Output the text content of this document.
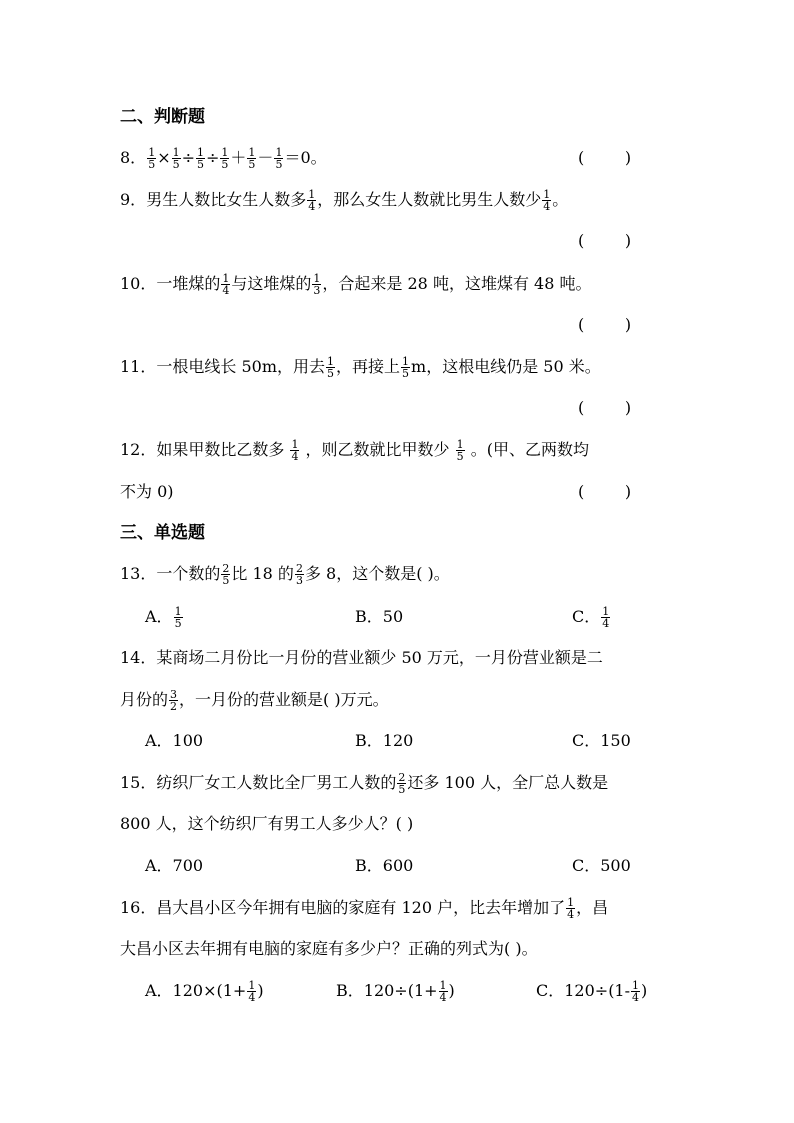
二、判断题
8． $\frac{1}{5} \times \frac{1}{5} \div \frac{1}{5} \div \frac{1}{5} + \frac{1}{5} - \frac{1}{5} =0$。	(        )
9．男生人数比女生人数多 $\frac{1}{4}$ ，那么女生人数就比男生人数少 $\frac{1}{4}$ 。
(        )
10．一堆煤的 $\frac{1}{4}$ 与这堆煤的 $\frac{1}{3}$ ，合起来是 28 吨，这堆煤有 48 吨。
(        )
11．一根电线长 50m，用去 $\frac{1}{5}$ ，再接上 $\frac{1}{5}$ m，这根电线仍是 50 米。
(        )
12．如果甲数比乙数多 $\frac{1}{4}$ ，则乙数就比甲数少 $\frac{1}{5}$ 。(甲、乙两数均
不为 0)	(        )
三、单选题
13．一个数的 $\frac{2}{5}$ 比 18 的 $\frac{2}{3}$ 多 8，这个数是( )。
A． $\frac{1}{5}$	B．50	C． $\frac{1}{4}$
14．某商场二月份比一月份的营业额少 50 万元，一月份营业额是二
月份的 $\frac{3}{2}$ ，一月份的营业额是( )万元。
A．100	B．120	C．150
15．纺织厂女工人数比全厂男工人数的 $\frac{2}{5}$ 还多 100 人，全厂总人数是
800 人，这个纺织厂有男工人多少人？( )
A．700	B．600	C．500
16．昌大昌小区今年拥有电脑的家庭有 120 户，比去年增加了 $\frac{1}{4}$ ，昌
大昌小区去年拥有电脑的家庭有多少户？正确的列式为( )。
A．$120\times(1+ \frac{1}{4}$ )	B．$120\div(1+ \frac{1}{4}$ )	C．$120\div(1- \frac{1}{4}$ )
